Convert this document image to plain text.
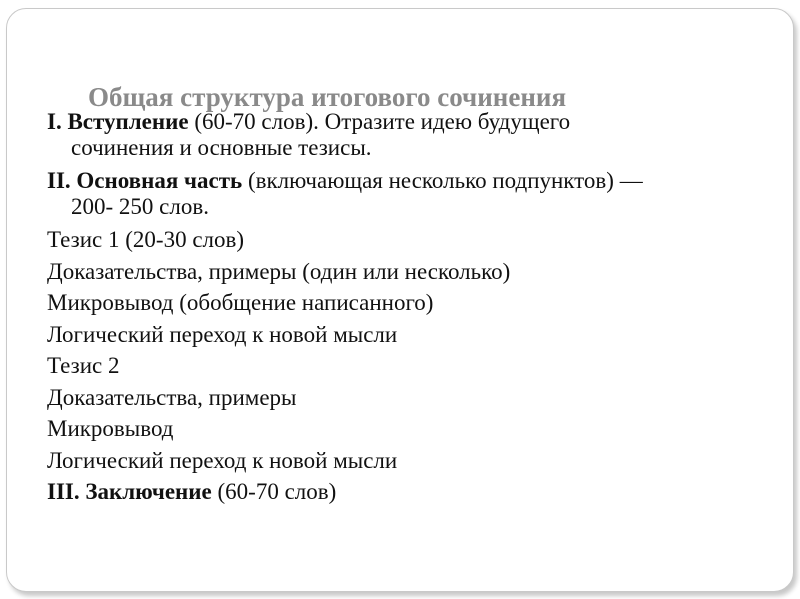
Общая структура итогового сочинения
I. Вступление (60-70 слов). Отразите идею будущего
сочинения и основные тезисы.
II. Основная часть (включающая несколько подпунктов) —
200- 250 слов.

Тезис 1 (20-30 слов)

Доказательства, примеры (один или несколько)

Микровывод (обобщение написанного)

Логический переход к новой мысли

Тезис 2

Доказательства, примеры

Микровывод

Логический переход к новой мысли

III. Заключение (60-70 слов)
